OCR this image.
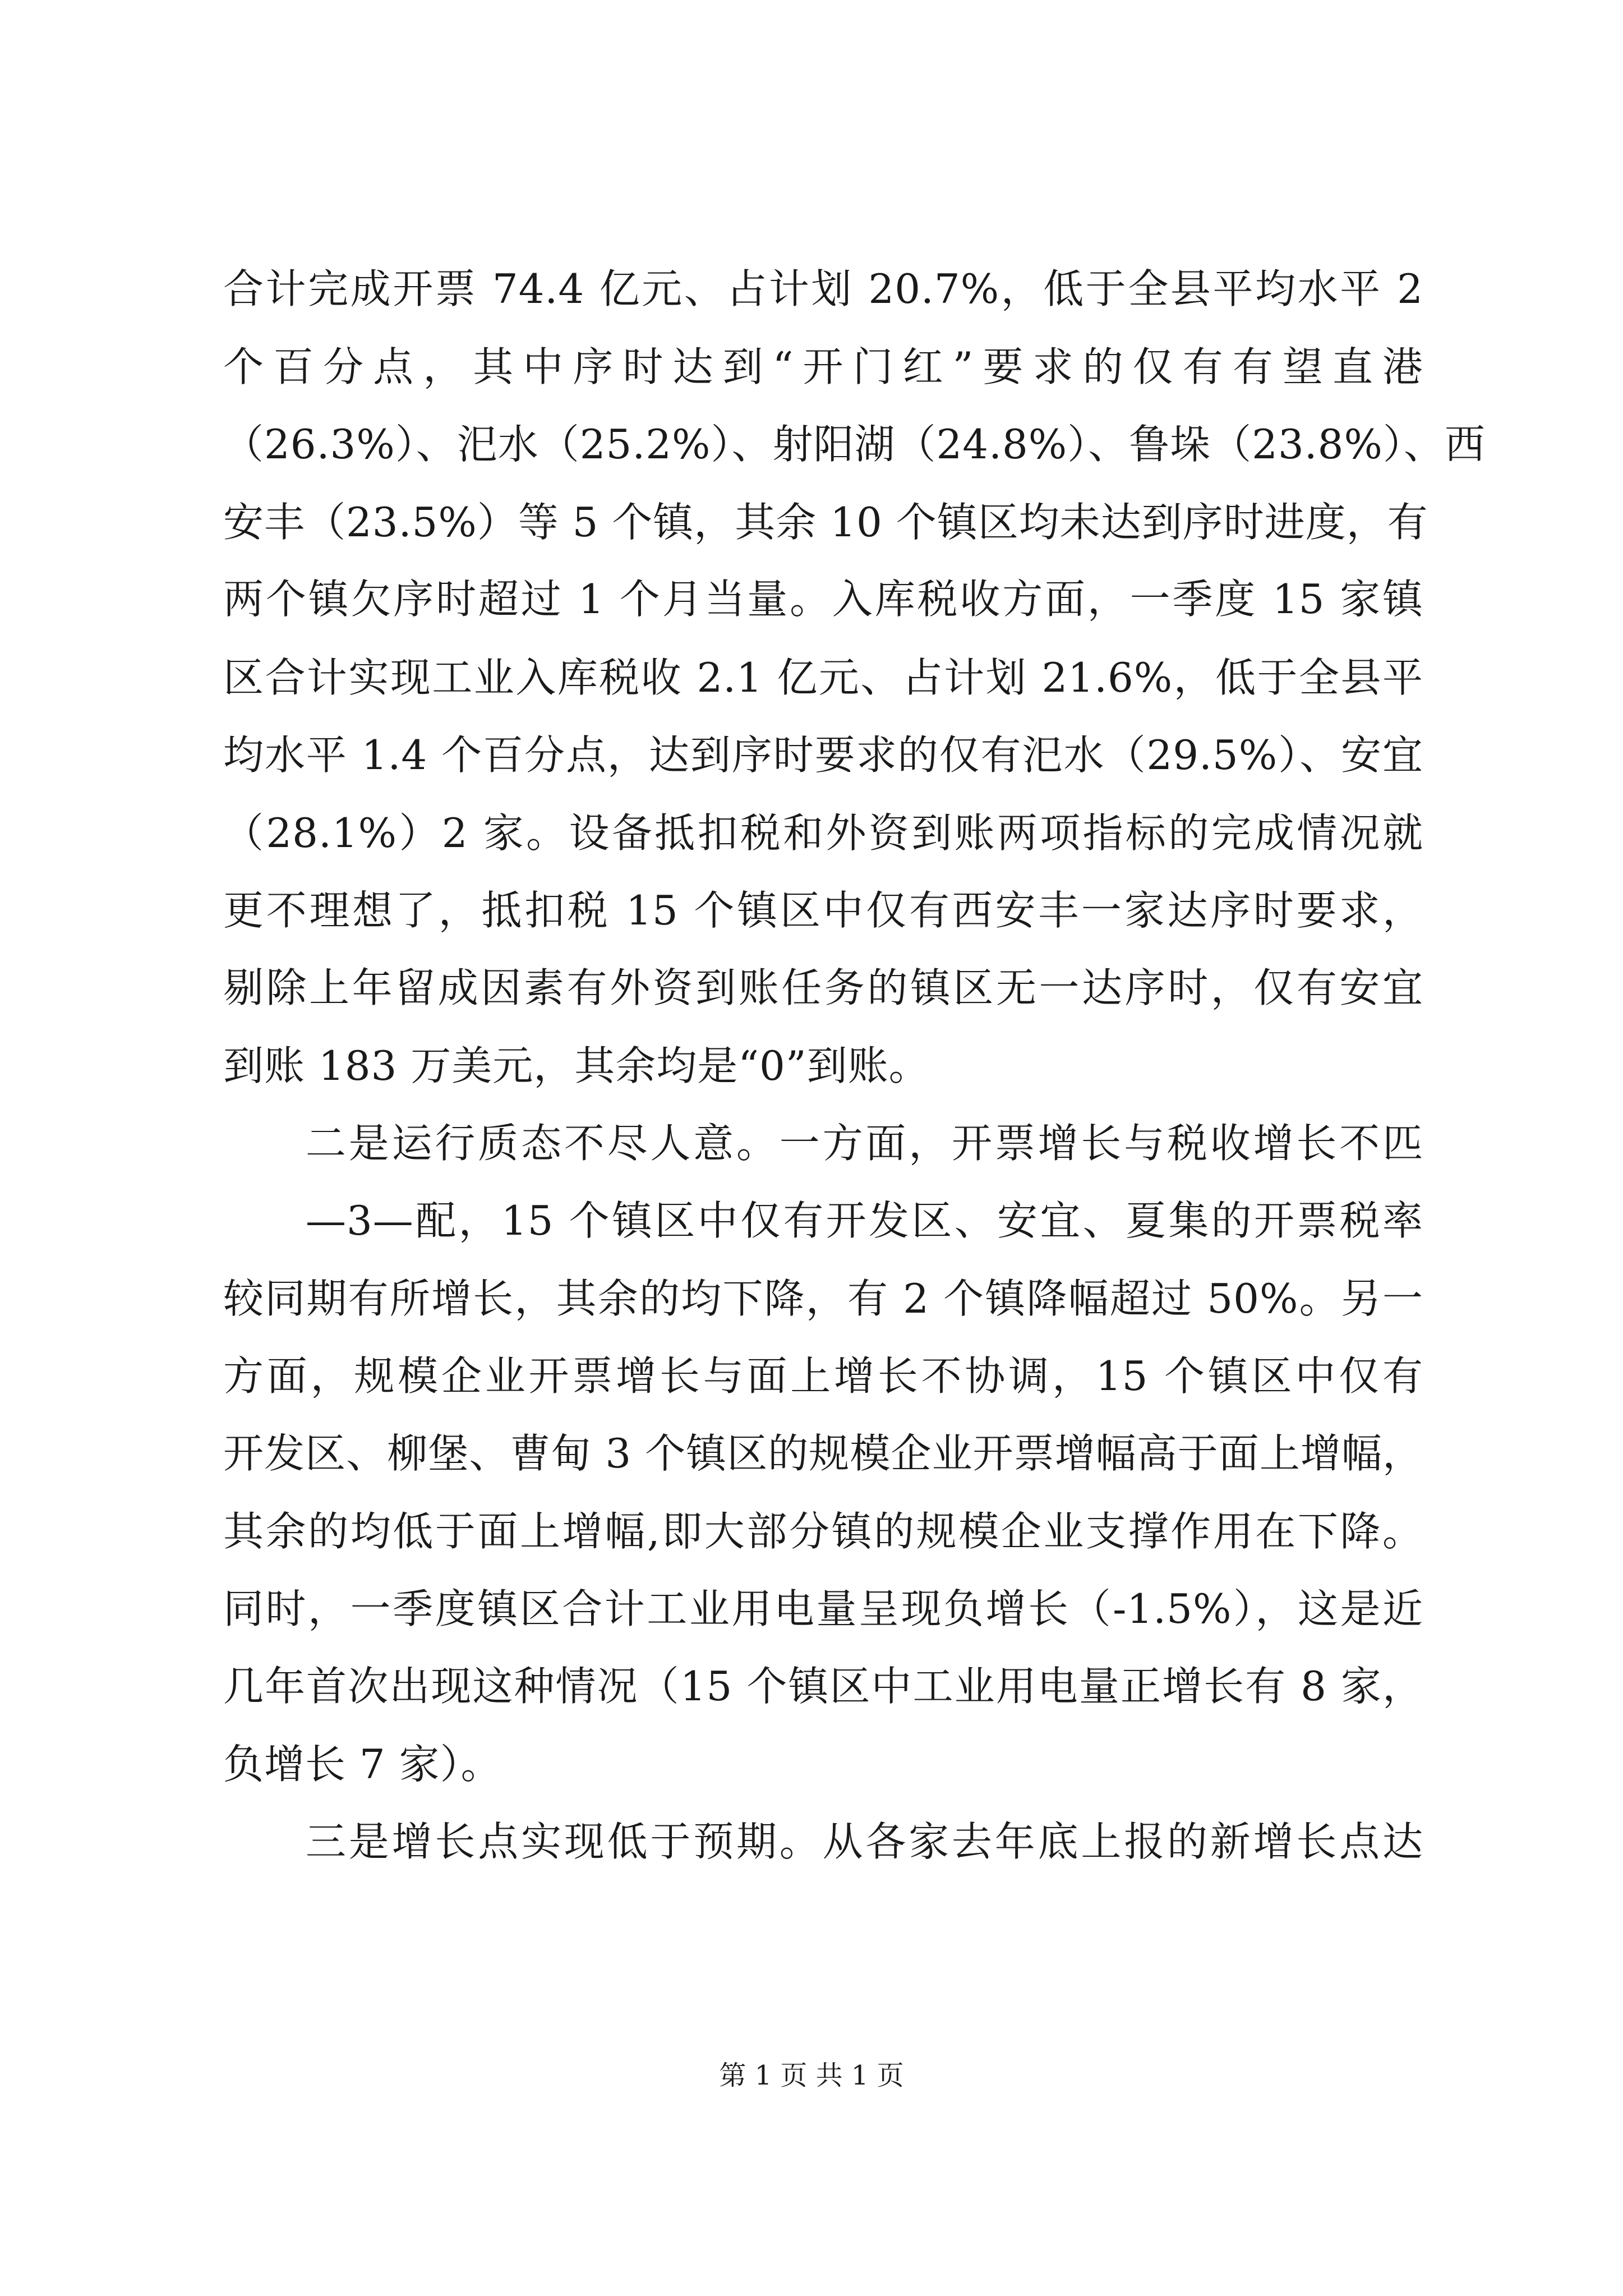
合计完成开票 74.4 亿元、占计划 20.7%，低于全县平均水平 2
个百分点，其中序时达到“开门红”要求的仅有有望直港
（26.3%）、汜水（25.2%）、射阳湖（24.8%）、鲁垛（23.8%）、西
安丰（23.5%）等 5 个镇，其余 10 个镇区均未达到序时进度，有
两个镇欠序时超过 1 个月当量。入库税收方面，一季度 15 家镇
区合计实现工业入库税收 2.1 亿元、占计划 21.6%，低于全县平
均水平 1.4 个百分点，达到序时要求的仅有汜水（29.5%）、安宜
（28.1%）2 家。设备抵扣税和外资到账两项指标的完成情况就
更不理想了，抵扣税 15 个镇区中仅有西安丰一家达序时要求，
剔除上年留成因素有外资到账任务的镇区无一达序时，仅有安宜
到账 183 万美元，其余均是“0”到账。
二是运行质态不尽人意。一方面，开票增长与税收增长不匹
—3—配，15 个镇区中仅有开发区、安宜、夏集的开票税率
较同期有所增长，其余的均下降，有 2 个镇降幅超过 50%。另一
方面，规模企业开票增长与面上增长不协调，15 个镇区中仅有
开发区、柳堡、曹甸 3 个镇区的规模企业开票增幅高于面上增幅，
其余的均低于面上增幅,即大部分镇的规模企业支撑作用在下降。
同时，一季度镇区合计工业用电量呈现负增长（-1.5%），这是近
几年首次出现这种情况（15 个镇区中工业用电量正增长有 8 家，
负增长 7 家）。
三是增长点实现低于预期。从各家去年底上报的新增长点达
第 1 页 共 1 页
